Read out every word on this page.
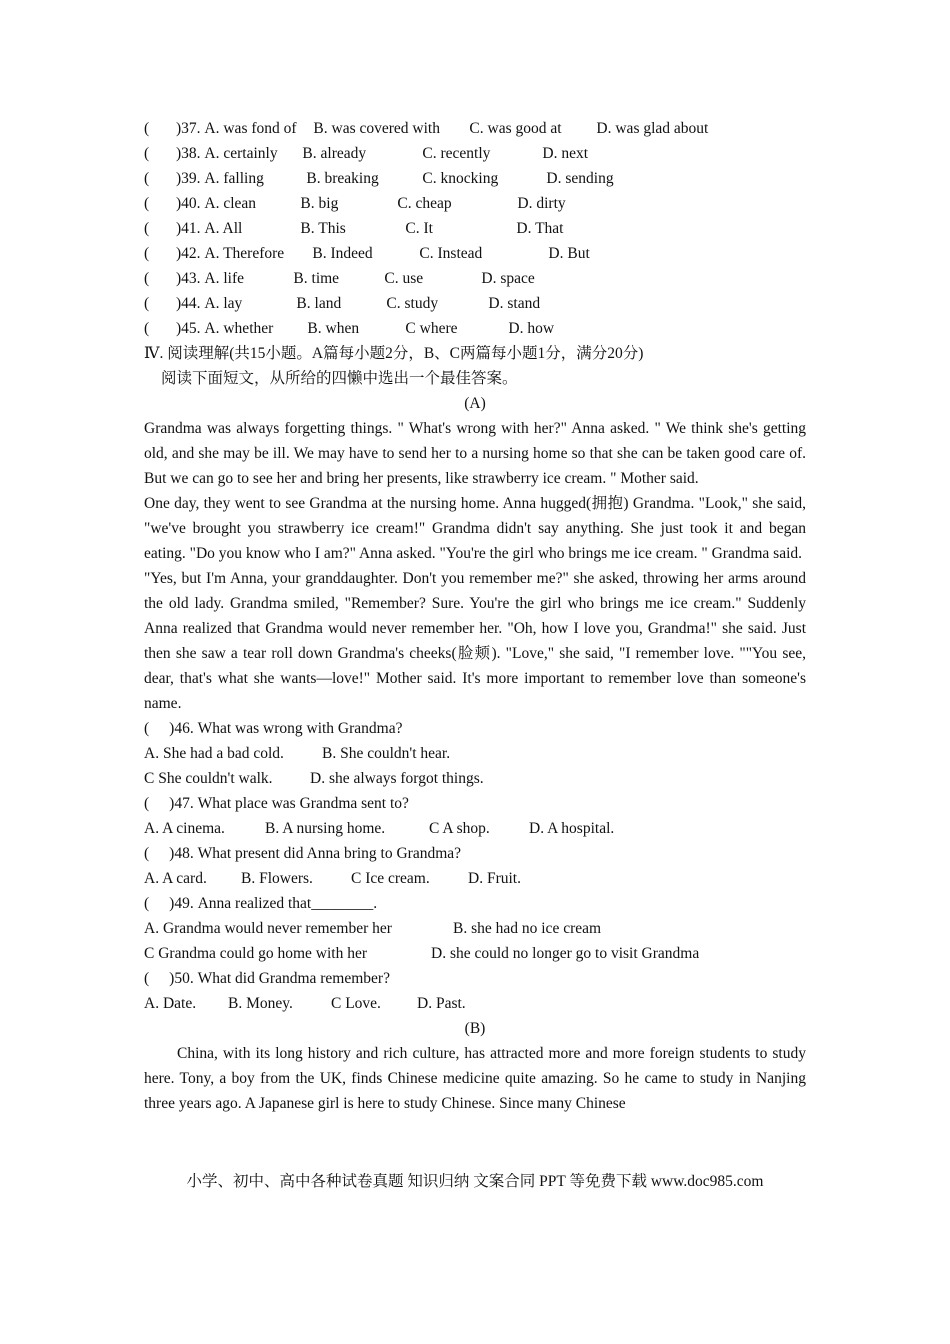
( )37. A. was fond of B. was covered with C. was good at D. was glad about
( )38. A. certainly B. already	C. recently	D. next
( )39. A. falling	B. breaking	C. knocking	D. sending
( )40. A. clean	B. big	C. cheap	D. dirty
( )41. A. All	B. This	C. It	D. That
( )42. A. Therefore B. Indeed	C. Instead	D. But
( )43. A. life	B. time	C. use	D. space
( )44. A. lay	B. land	C. study	D. stand
( )45. A. whether B. when	C where	D. how
Ⅳ. 阅读理解(共15小题。A篇每小题2分，B、C两篇每小题1分，满分20分)
阅读下面短文，从所给的四懒中选出一个最佳答案。
(A)

Grandma was always forgetting things. " What's wrong with her?" Anna asked. " We think she's getting old, and she may be ill. We may have to send her to a nursing home so that she can be taken good care of. But we can go to see her and bring her presents, like strawberry ice cream. " Mother said.

One day, they went to see Grandma at the nursing home. Anna hugged(拥抱) Grandma. "Look," she said, "we've brought you strawberry ice cream!" Grandma didn't say anything. She just took it and began eating. "Do you know who I am?" Anna asked. "You're the girl who brings me ice cream. " Grandma said.

"Yes, but I'm Anna, your granddaughter. Don't you remember me?" she asked, throwing her arms around the old lady. Grandma smiled, "Remember? Sure. You're the girl who brings me ice cream." Suddenly Anna realized that Grandma would never remember her. "Oh, how I love you, Grandma!" she said. Just then she saw a tear roll down Grandma's cheeks(脸颊). "Love," she said, "I remember love. ""You see, dear, that's what she wants—love!" Mother said. It's more important to remember love than someone's name.

( )46. What was wrong with Grandma?
A. She had a bad cold. B. She couldn't hear.
C She couldn't walk. D. she always forgot things.
( )47. What place was Grandma sent to?
A. A cinema.	B. A nursing home.	C A shop.	D. A hospital.
( )48. What present did Anna bring to Grandma?
A. A card. B. Flowers. C Ice cream. D. Fruit.
( )49. Anna realized that________.
A. Grandma would never remember her	B. she had no ice cream
C Grandma could go home with her	D. she could no longer go to visit Grandma
( )50. What did Grandma remember?
A. Date. B. Money. C Love. D. Past.
(B)

China, with its long history and rich culture, has attracted more and more foreign students to study here. Tony, a boy from the UK, finds Chinese medicine quite amazing. So he came to study in Nanjing three years ago. A Japanese girl is here to study Chinese. Since many Chinese

小学、初中、高中各种试卷真题 知识归纳 文案合同 PPT 等免费下载 www.doc985.com
